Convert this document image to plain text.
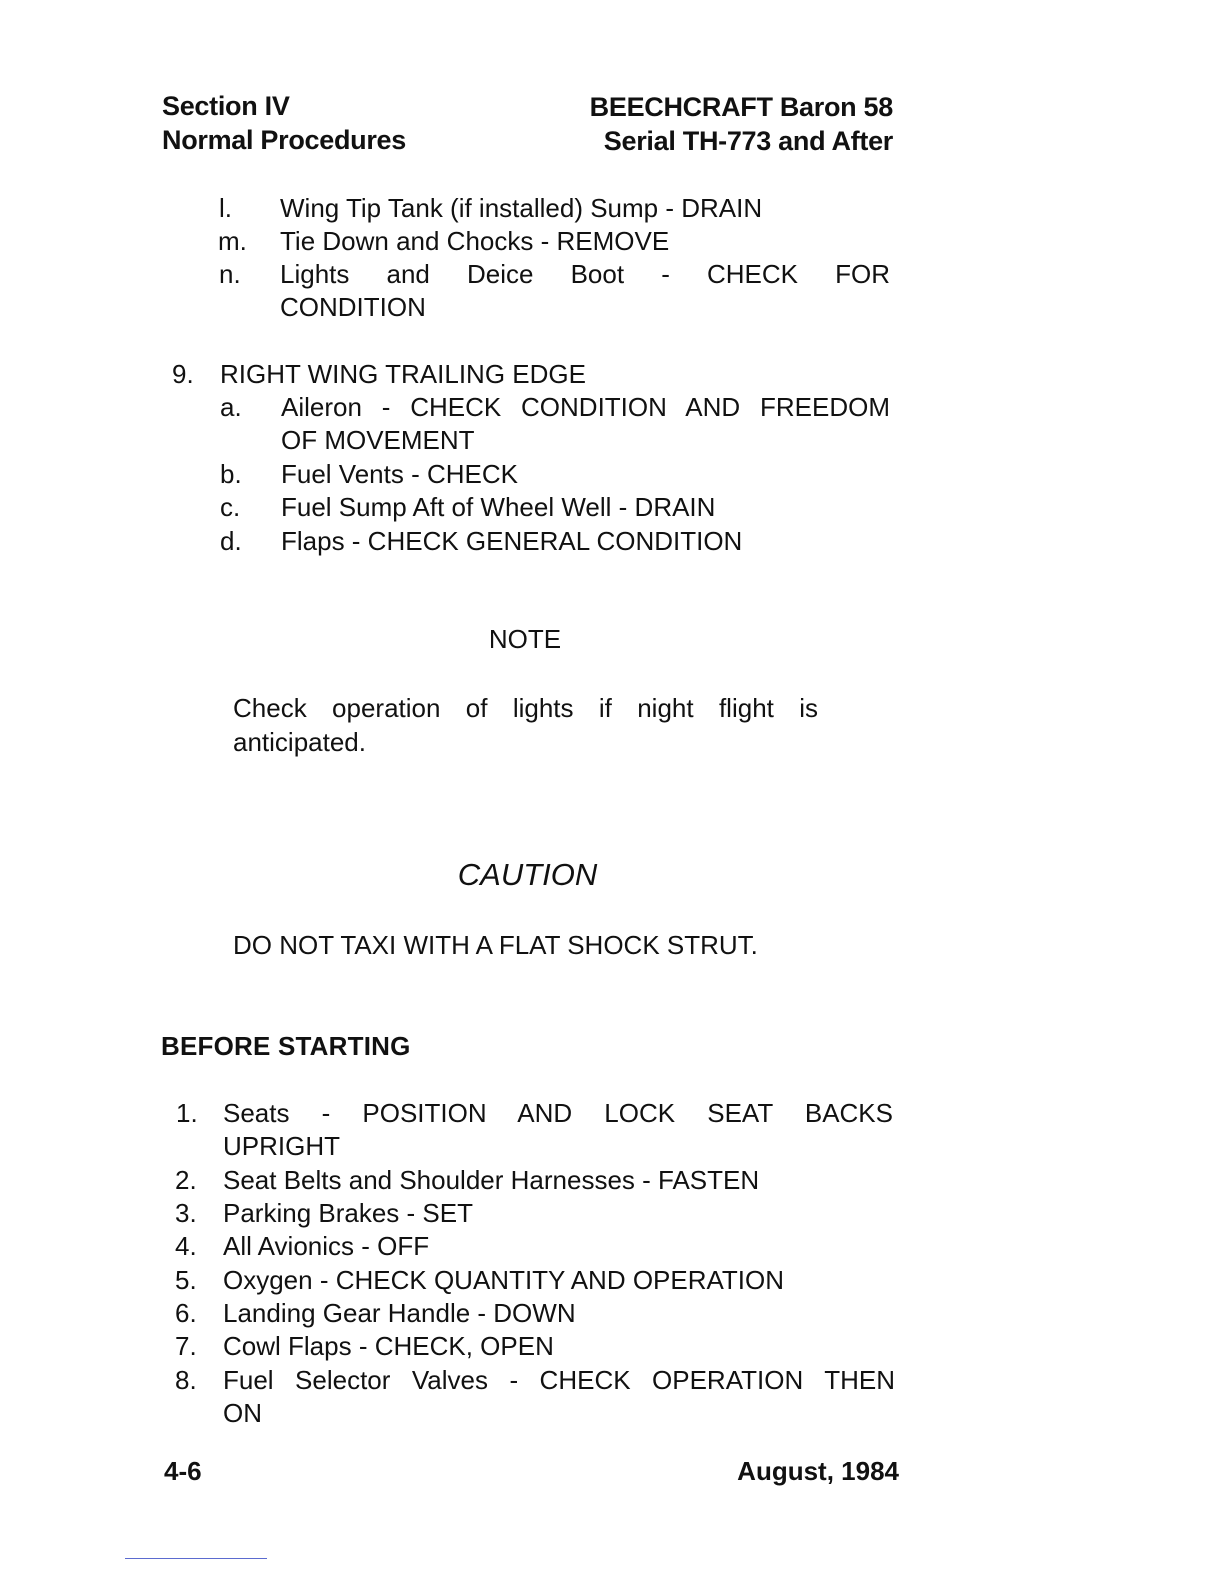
Section IV
Normal Procedures
BEECHCRAFT Baron 58
Serial TH-773 and After
l. Wing Tip Tank (if installed) Sump - DRAIN
m. Tie Down and Chocks - REMOVE
n. Lights and Deice Boot - CHECK FOR
CONDITION
9. RIGHT WING TRAILING EDGE
a. Aileron - CHECK CONDITION AND FREEDOM
OF MOVEMENT
b. Fuel Vents - CHECK
c. Fuel Sump Aft of Wheel Well - DRAIN
d. Flaps - CHECK GENERAL CONDITION
NOTE
Check operation of lights if night flight is
anticipated.
CAUTION
DO NOT TAXI WITH A FLAT SHOCK STRUT.
BEFORE STARTING
1. Seats - POSITION AND LOCK SEAT BACKS
UPRIGHT
2. Seat Belts and Shoulder Harnesses - FASTEN
3. Parking Brakes - SET
4. All Avionics - OFF
5. Oxygen - CHECK QUANTITY AND OPERATION
6. Landing Gear Handle - DOWN
7. Cowl Flaps - CHECK, OPEN
8. Fuel Selector Valves - CHECK OPERATION THEN
ON
4-6	August, 1984
